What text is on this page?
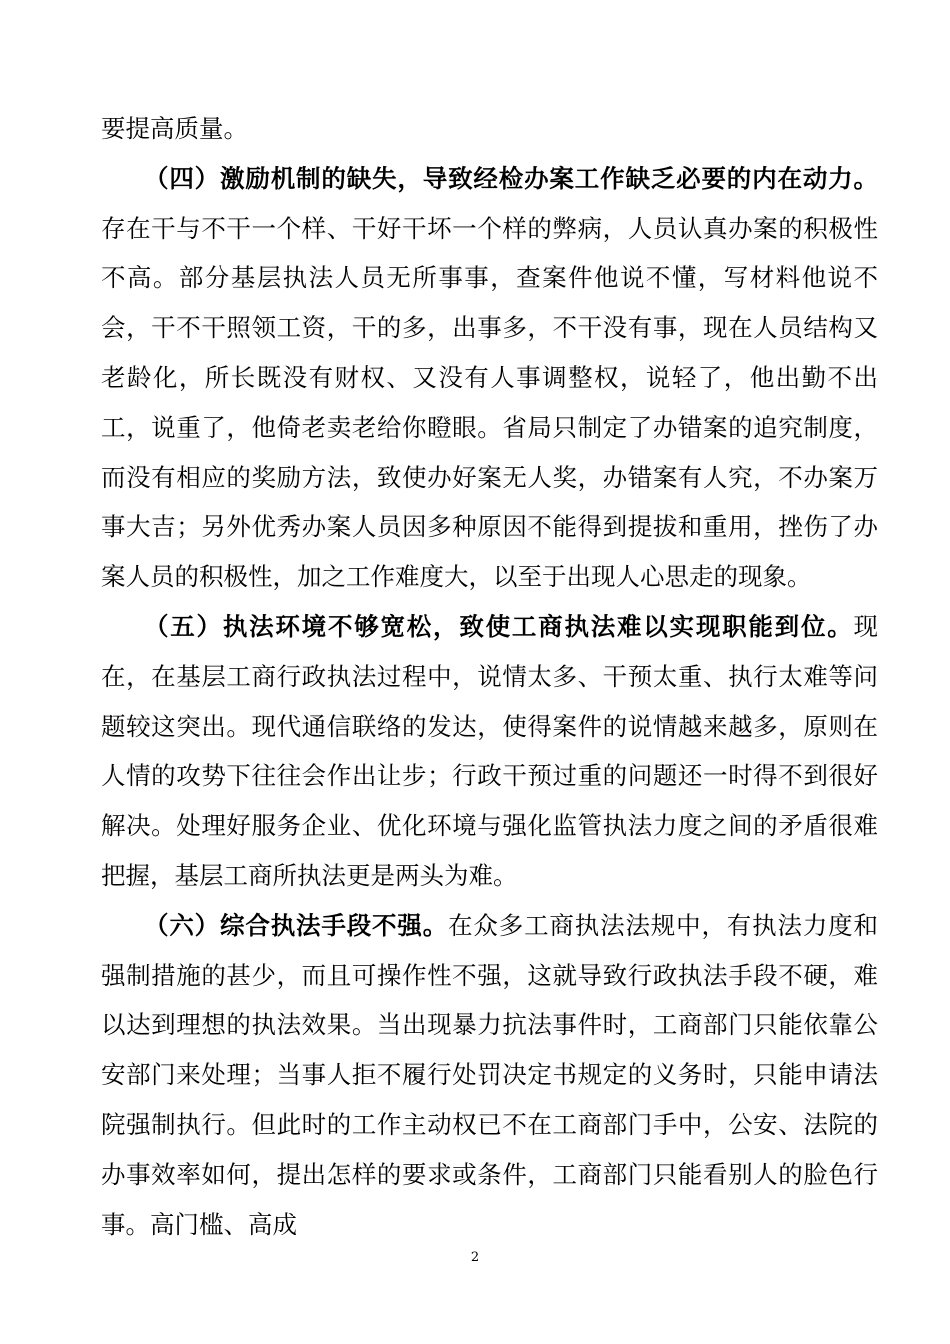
要提高质量。

（四）激励机制的缺失，导致经检办案工作缺乏必要的内在动力。存在干与不干一个样、干好干坏一个样的弊病，人员认真办案的积极性不高。部分基层执法人员无所事事，查案件他说不懂，写材料他说不会，干不干照领工资，干的多，出事多，不干没有事，现在人员结构又老龄化，所长既没有财权、又没有人事调整权，说轻了，他出勤不出工，说重了，他倚老卖老给你瞪眼。省局只制定了办错案的追究制度，而没有相应的奖励方法，致使办好案无人奖，办错案有人究，不办案万事大吉；另外优秀办案人员因多种原因不能得到提拔和重用，挫伤了办案人员的积极性，加之工作难度大，以至于出现人心思走的现象。

（五）执法环境不够宽松，致使工商执法难以实现职能到位。现在，在基层工商行政执法过程中，说情太多、干预太重、执行太难等问题较这突出。现代通信联络的发达，使得案件的说情越来越多，原则在人情的攻势下往往会作出让步；行政干预过重的问题还一时得不到很好解决。处理好服务企业、优化环境与强化监管执法力度之间的矛盾很难把握，基层工商所执法更是两头为难。

（六）综合执法手段不强。在众多工商执法法规中，有执法力度和强制措施的甚少，而且可操作性不强，这就导致行政执法手段不硬，难以达到理想的执法效果。当出现暴力抗法事件时，工商部门只能依靠公安部门来处理；当事人拒不履行处罚决定书规定的义务时，只能申请法院强制执行。但此时的工作主动权已不在工商部门手中，公安、法院的办事效率如何，提出怎样的要求或条件，工商部门只能看别人的脸色行事。高门槛、高成

2
